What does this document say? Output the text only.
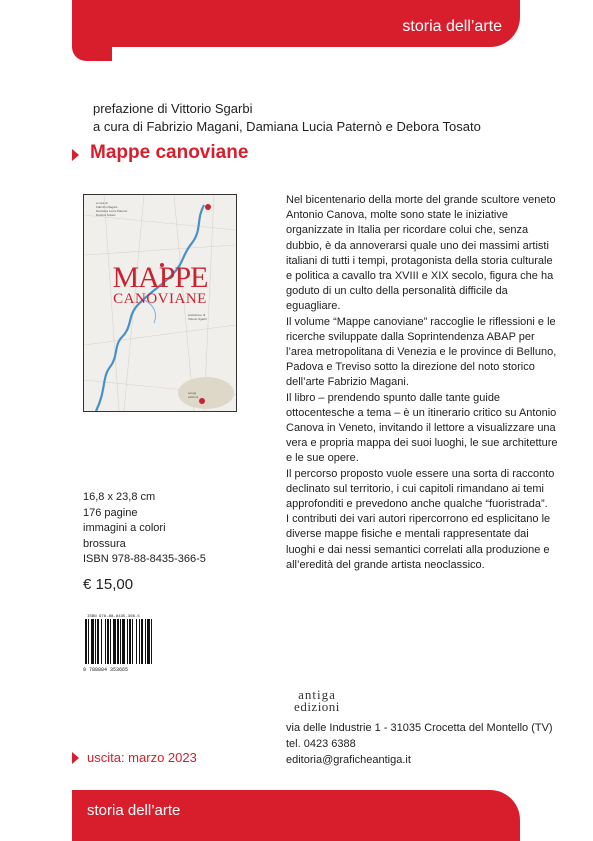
storia dell’arte
prefazione di Vittorio Sgarbi
a cura di Fabrizio Magani, Damiana Lucia Paternò e Debora Tosato
Mappe canoviane
a cura di
Fabrizio Magani
Damiana Lucia Paternò
Debora Tosato
MAPPE
CANOVIANE
prefazione di
Vittorio Sgarbi
antiga
edizioni
16,8 x 23,8 cm
176 pagine
immagini a colori
brossura
ISBN 978-88-8435-366-5
€ 15,00
ISBN 978-88-8435-366-5
9 788884 353665

Nel bicentenario della morte del grande scultore veneto Antonio Canova, molte sono state le iniziative organizzate in Italia per ricordare colui che, senza dubbio, è da annoverarsi quale uno dei massimi artisti italiani di tutti i tempi, protagonista della storia culturale e politica a cavallo tra XVIII e XIX secolo, figura che ha goduto di un culto della personalità difficile da eguagliare.

Il volume “Mappe canoviane” raccoglie le riflessioni e le ricerche sviluppate dalla Soprintendenza ABAP per l’area metropolitana di Venezia e le province di Belluno, Padova e Treviso sotto la direzione del noto storico dell’arte Fabrizio Magani.

Il libro – prendendo spunto dalle tante guide ottocentesche a tema – è un itinerario critico su Antonio Canova in Veneto, invitando il lettore a visualizzare una vera e propria mappa dei suoi luoghi, le sue architetture e le sue opere.

Il percorso proposto vuole essere una sorta di racconto declinato sul territorio, i cui capitoli rimandano ai temi approfonditi e prevedono anche qualche “fuoristrada”.

I contributi dei vari autori ripercorrono ed esplicitano le diverse mappe fisiche e mentali rappresentate dai luoghi e dai nessi semantici correlati alla produzione e all’eredità del grande artista neoclassico.

antiga
edizioni
via delle Industrie 1 - 31035 Crocetta del Montello (TV)
tel. 0423 6388
editoria@graficheantiga.it
uscita: marzo 2023
storia dell’arte
